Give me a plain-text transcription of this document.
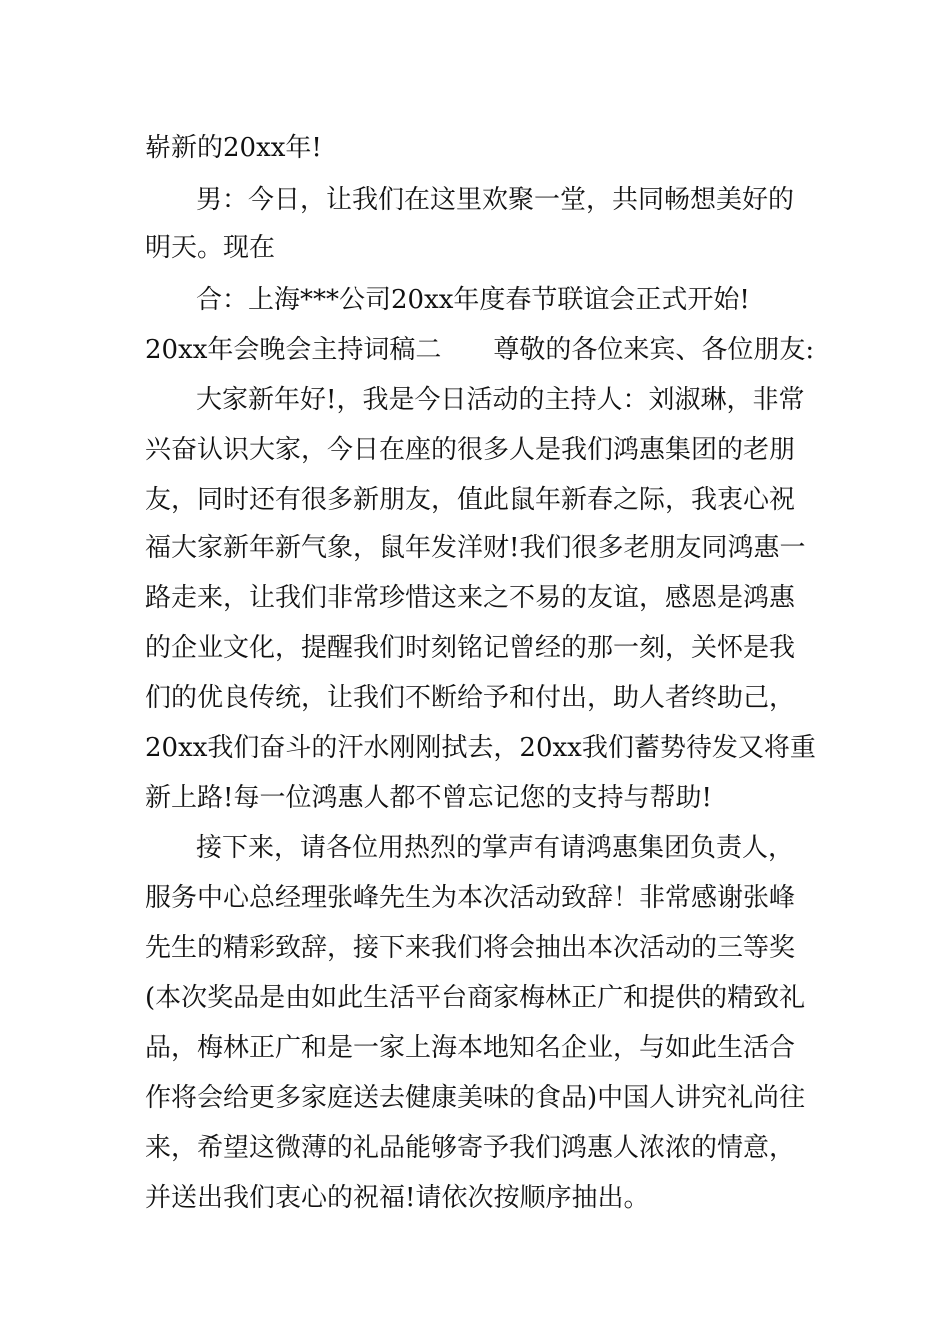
崭新的20xx年!
男：今日，让我们在这里欢聚一堂，共同畅想美好的
明天。现在
合：上海***公司20xx年度春节联谊会正式开始!
20xx年会晚会主持词稿二　　尊敬的各位来宾、各位朋友:
大家新年好!，我是今日活动的主持人：刘淑琳，非常
兴奋认识大家，今日在座的很多人是我们鸿惠集团的老朋
友，同时还有很多新朋友，值此鼠年新春之际，我衷心祝
福大家新年新气象，鼠年发洋财!我们很多老朋友同鸿惠一
路走来，让我们非常珍惜这来之不易的友谊，感恩是鸿惠
的企业文化，提醒我们时刻铭记曾经的那一刻，关怀是我
们的优良传统，让我们不断给予和付出，助人者终助己，
20xx我们奋斗的汗水刚刚拭去，20xx我们蓄势待发又将重
新上路!每一位鸿惠人都不曾忘记您的支持与帮助!
接下来，请各位用热烈的掌声有请鸿惠集团负责人，
服务中心总经理张峰先生为本次活动致辞！非常感谢张峰
先生的精彩致辞，接下来我们将会抽出本次活动的三等奖
(本次奖品是由如此生活平台商家梅林正广和提供的精致礼
品，梅林正广和是一家上海本地知名企业，与如此生活合
作将会给更多家庭送去健康美味的食品)中国人讲究礼尚往
来，希望这微薄的礼品能够寄予我们鸿惠人浓浓的情意，
并送出我们衷心的祝福!请依次按顺序抽出。
